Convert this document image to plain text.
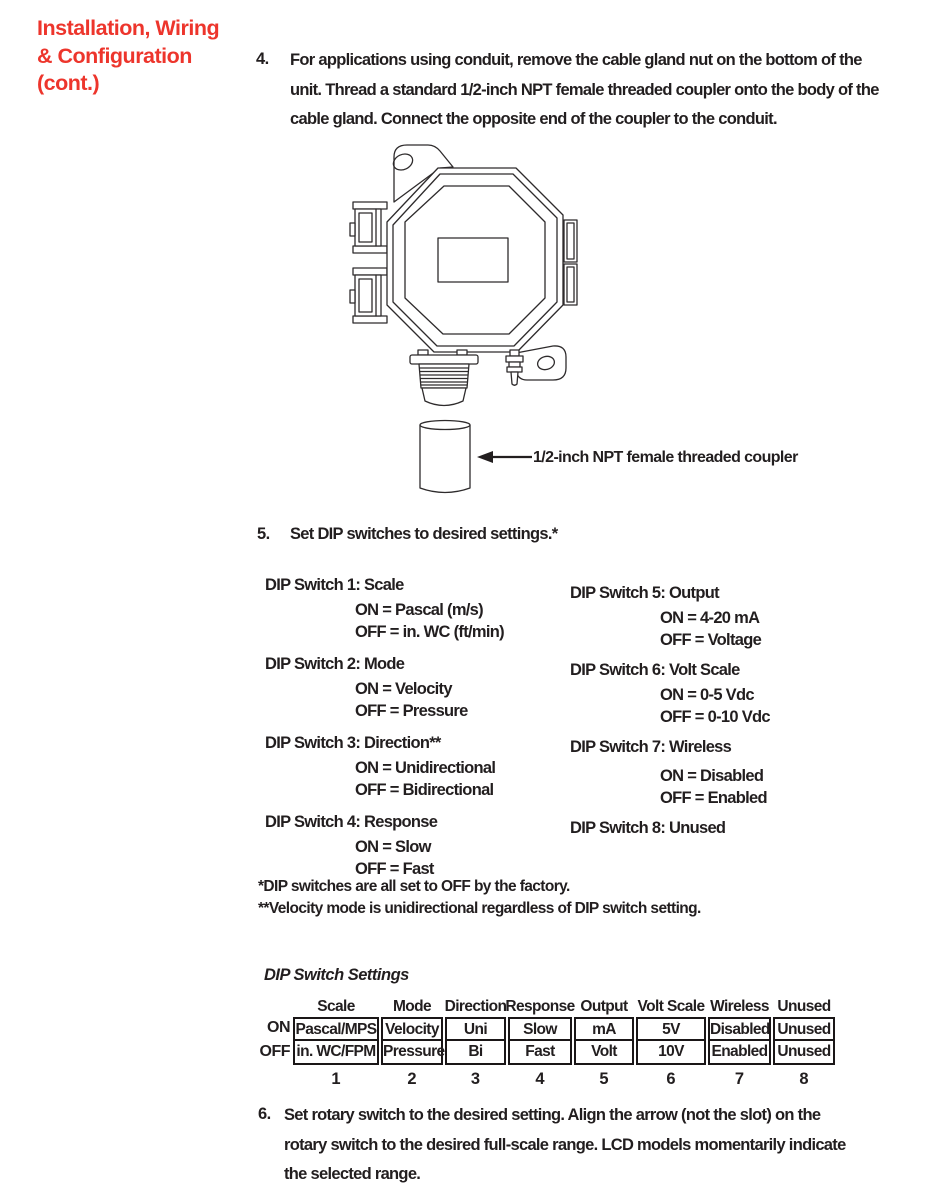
Installation, Wiring
& Configuration
(cont.)
4. For applications using conduit, remove the cable gland nut on the bottom of the
unit. Thread a standard 1/2-inch NPT female threaded coupler onto the body of the
cable gland. Connect the opposite end of the coupler to the conduit.
1/2-inch NPT female threaded coupler
5. Set DIP switches to desired settings.*
DIP Switch 1: Scale
ON = Pascal (m/s)
OFF = in. WC (ft/min)
DIP Switch 2: Mode
ON = Velocity
OFF = Pressure
DIP Switch 3: Direction**
ON = Unidirectional
OFF = Bidirectional
DIP Switch 4: Response
ON = Slow
OFF = Fast
DIP Switch 5: Output
ON = 4-20 mA
OFF = Voltage
DIP Switch 6: Volt Scale
ON = 0-5 Vdc
OFF = 0-10 Vdc
DIP Switch 7: Wireless
ON = Disabled
OFF = Enabled
DIP Switch 8: Unused
*DIP switches are all set to OFF by the factory.
**Velocity mode is unidirectional regardless of DIP switch setting.
DIP Switch Settings
ON
OFF
Scale
Pascal/MPS
in. WC/FPM
1
Mode
Velocity
Pressure
2
Direction
Uni
Bi
3
Response
Slow
Fast
4
Output
mA
Volt
5
Volt Scale
5V
10V
6
Wireless
Disabled
Enabled
7
Unused
Unused
Unused
8
6. Set rotary switch to the desired setting. Align the arrow (not the slot) on the
rotary switch to the desired full-scale range. LCD models momentarily indicate
the selected range.
